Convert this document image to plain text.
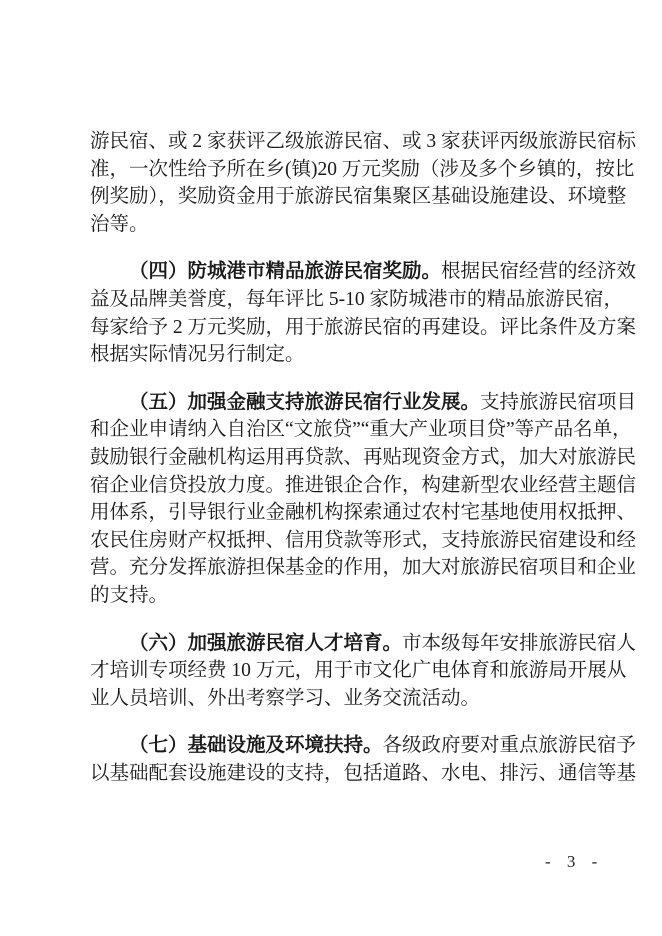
游民宿、或 2 家获评乙级旅游民宿、或 3 家获评丙级旅游民宿标
准，一次性给予所在乡(镇)20 万元奖励（涉及多个乡镇的，按比
例奖励），奖励资金用于旅游民宿集聚区基础设施建设、环境整
治等。
（四）防城港市精品旅游民宿奖励。根据民宿经营的经济效
益及品牌美誉度，每年评比 5-10 家防城港市的精品旅游民宿，
每家给予 2 万元奖励，用于旅游民宿的再建设。评比条件及方案
根据实际情况另行制定。
（五）加强金融支持旅游民宿行业发展。支持旅游民宿项目
和企业申请纳入自治区“文旅贷”“重大产业项目贷”等产品名单，
鼓励银行金融机构运用再贷款、再贴现资金方式，加大对旅游民
宿企业信贷投放力度。推进银企合作，构建新型农业经营主题信
用体系，引导银行业金融机构探索通过农村宅基地使用权抵押、
农民住房财产权抵押、信用贷款等形式，支持旅游民宿建设和经
营。充分发挥旅游担保基金的作用，加大对旅游民宿项目和企业
的支持。
（六）加强旅游民宿人才培育。市本级每年安排旅游民宿人
才培训专项经费 10 万元，用于市文化广电体育和旅游局开展从
业人员培训、外出考察学习、业务交流活动。
（七）基础设施及环境扶持。各级政府要对重点旅游民宿予
以基础配套设施建设的支持，包括道路、水电、排污、通信等基
- 3 -
